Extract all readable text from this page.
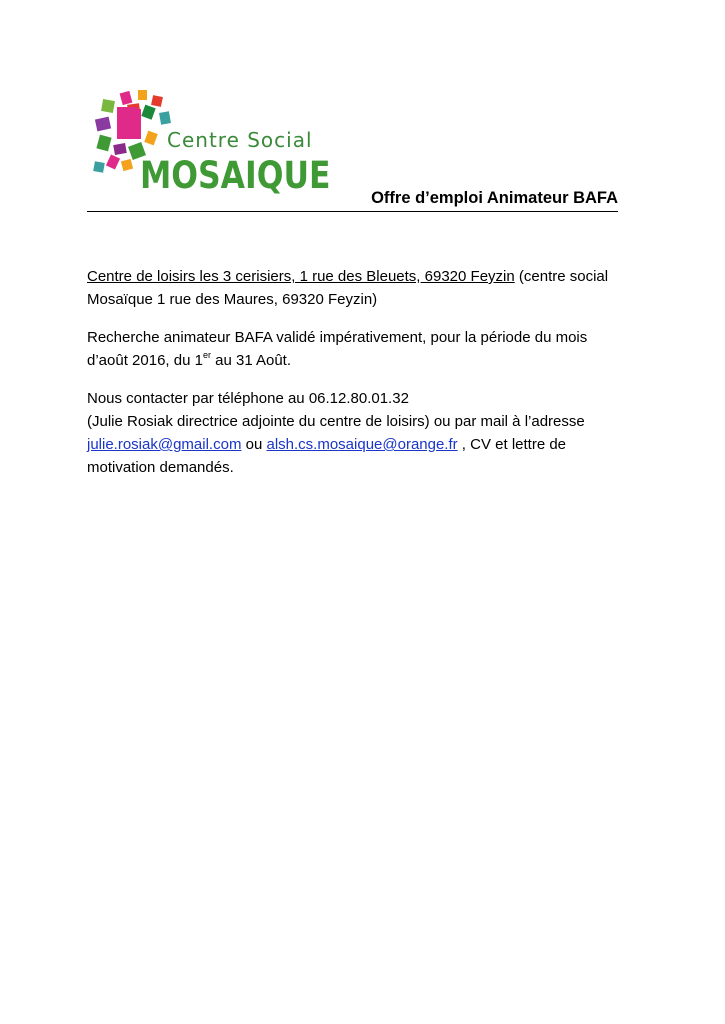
Centre Social
MOSAIQUE
Offre d’emploi Animateur BAFA
Centre de loisirs les 3 cerisiers, 1 rue des Bleuets, 69320 Feyzin (centre social
Mosaïque 1 rue des Maures, 69320 Feyzin)
Recherche animateur BAFA validé impérativement, pour la période du mois
d’août 2016, du 1er au 31 Août.
Nous contacter par téléphone au 06.12.80.01.32
(Julie Rosiak directrice adjointe du centre de loisirs) ou par mail à l’adresse
julie.rosiak@gmail.com ou alsh.cs.mosaique@orange.fr , CV et lettre de
motivation demandés.
